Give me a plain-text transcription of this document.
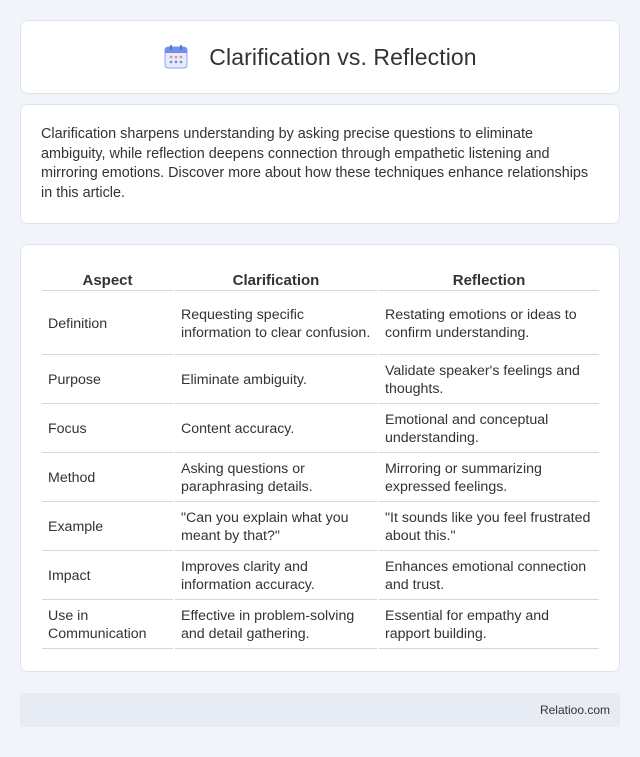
Clarification vs. Reflection

Clarification sharpens understanding by asking precise questions to eliminate ambiguity, while reflection deepens connection through empathetic listening and mirroring emotions. Discover more about how these techniques enhance relationships in this article.

Aspect	Clarification	Reflection
Definition	Requesting specific information to clear confusion.	Restating emotions or ideas to confirm understanding.
Purpose	Eliminate ambiguity.	Validate speaker's feelings and thoughts.
Focus	Content accuracy.	Emotional and conceptual understanding.
Method	Asking questions or paraphrasing details.	Mirroring or summarizing expressed feelings.
Example	"Can you explain what you meant by that?"	"It sounds like you feel frustrated about this."
Impact	Improves clarity and information accuracy.	Enhances emotional connection and trust.
Use in Communication	Effective in problem-solving and detail gathering.	Essential for empathy and rapport building.
Relatioo.com
